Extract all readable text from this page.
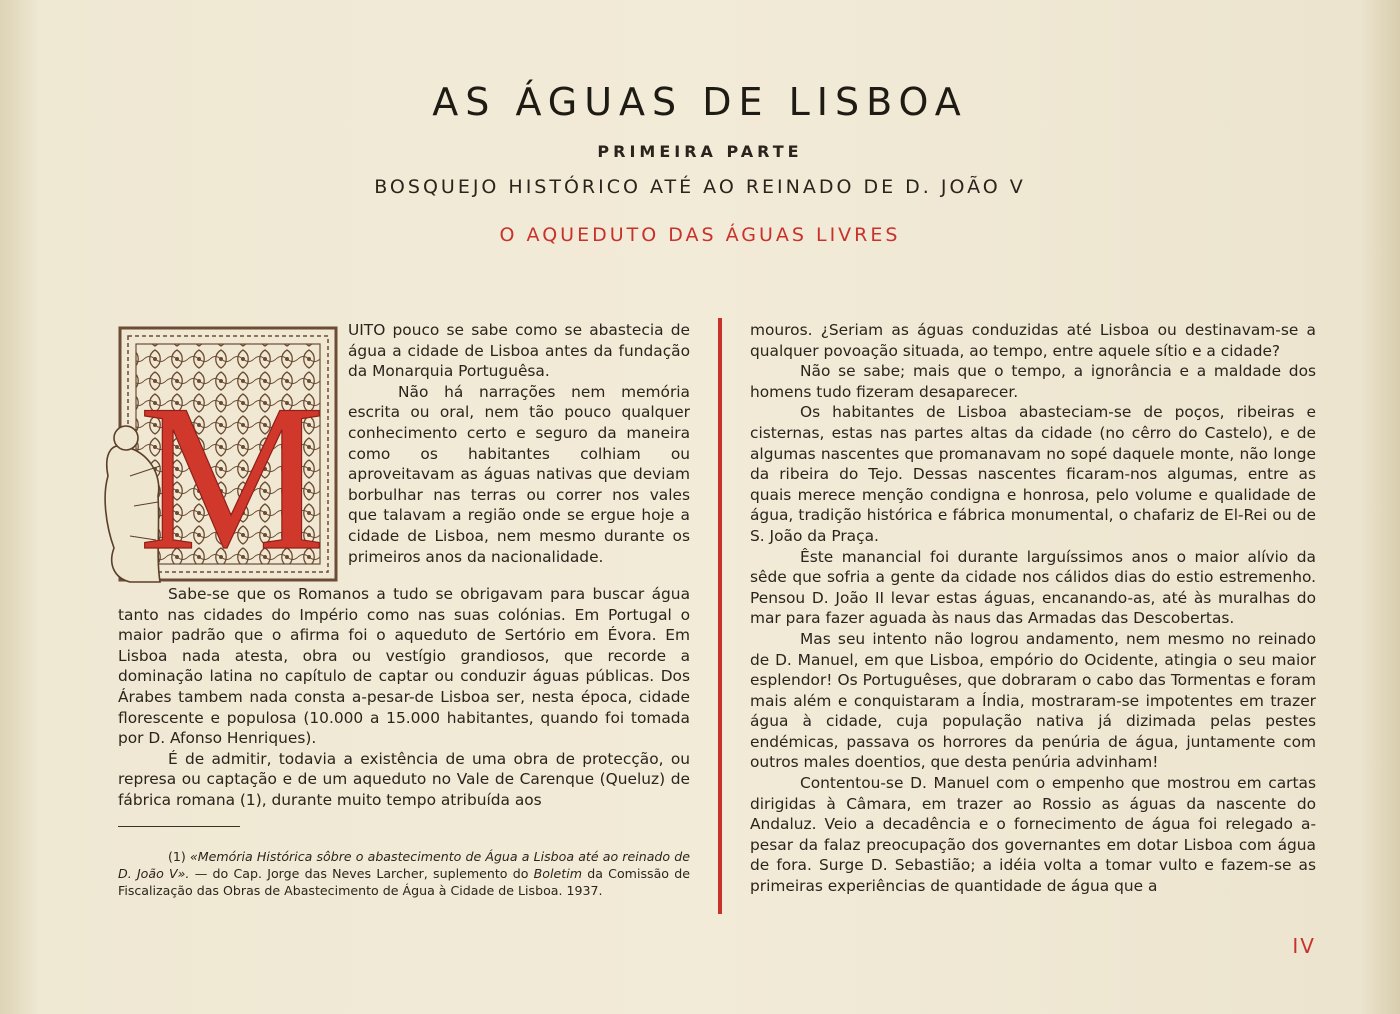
AS ÁGUAS DE LISBOA
PRIMEIRA PARTE
BOSQUEJO HISTÓRICO ATÉ AO REINADO DE D. JOÃO V
O AQUEDUTO DAS ÁGUAS LIVRES
M

UITO pouco se sabe como se abastecia de água a cidade de Lisboa antes da fundação da Monarquia Portuguêsa.

Não há narrações nem memória escrita ou oral, nem tão pouco qualquer conhecimento certo e seguro da maneira como os habitantes colhiam ou aproveitavam as águas nativas que deviam borbulhar nas terras ou correr nos vales que talavam a região onde se ergue hoje a cidade de Lisboa, nem mesmo durante os primeiros anos da nacionalidade.

Sabe-se que os Romanos a tudo se obrigavam para buscar água tanto nas cidades do Império como nas suas colónias. Em Portugal o maior padrão que o afirma foi o aqueduto de Sertório em Évora. Em Lisboa nada atesta, obra ou vestígio grandiosos, que recorde a dominação latina no capítulo de captar ou conduzir águas públicas. Dos Árabes tambem nada consta a-pesar-de Lisboa ser, nesta época, cidade florescente e populosa (10.000 a 15.000 habitantes, quando foi tomada por D. Afonso Henriques).

É de admitir, todavia a existência de uma obra de protecção, ou represa ou captação e de um aqueduto no Vale de Carenque (Queluz) de fábrica romana (1), durante muito tempo atribuída aos

(1) «Memória Histórica sôbre o abastecimento de Água a Lisboa até ao reinado de D. João V». — do Cap. Jorge das Neves Larcher, suplemento do Boletim da Comissão de Fiscalização das Obras de Abastecimento de Água à Cidade de Lisboa. 1937.

mouros. ¿Seriam as águas conduzidas até Lisboa ou destinavam-se a qualquer povoação situada, ao tempo, entre aquele sítio e a cidade?

Não se sabe; mais que o tempo, a ignorância e a maldade dos homens tudo fizeram desaparecer.

Os habitantes de Lisboa abasteciam-se de poços, ribeiras e cisternas, estas nas partes altas da cidade (no cêrro do Castelo), e de algumas nascentes que promanavam no sopé daquele monte, não longe da ribeira do Tejo. Dessas nascentes ficaram-nos algumas, entre as quais merece menção condigna e honrosa, pelo volume e qualidade de água, tradição histórica e fábrica monumental, o chafariz de El-Rei ou de S. João da Praça.

Êste manancial foi durante larguíssimos anos o maior alívio da sêde que sofria a gente da cidade nos cálidos dias do estio estremenho. Pensou D. João II levar estas águas, encanando-as, até às muralhas do mar para fazer aguada às naus das Armadas das Descobertas.

Mas seu intento não logrou andamento, nem mesmo no reinado de D. Manuel, em que Lisboa, empório do Ocidente, atingia o seu maior esplendor! Os Portuguêses, que dobraram o cabo das Tormentas e foram mais além e conquistaram a Índia, mostraram-se impotentes em trazer água à cidade, cuja população nativa já dizimada pelas pestes endémicas, passava os horrores da penúria de água, juntamente com outros males doentios, que desta penúria advinham!

Contentou-se D. Manuel com o empenho que mostrou em cartas dirigidas à Câmara, em trazer ao Rossio as águas da nascente do Andaluz. Veio a decadência e o fornecimento de água foi relegado a-pesar da falaz preocupação dos governantes em dotar Lisboa com água de fora. Surge D. Sebastião; a idéia volta a tomar vulto e fazem-se as primeiras experiências de quantidade de água que a

IV
